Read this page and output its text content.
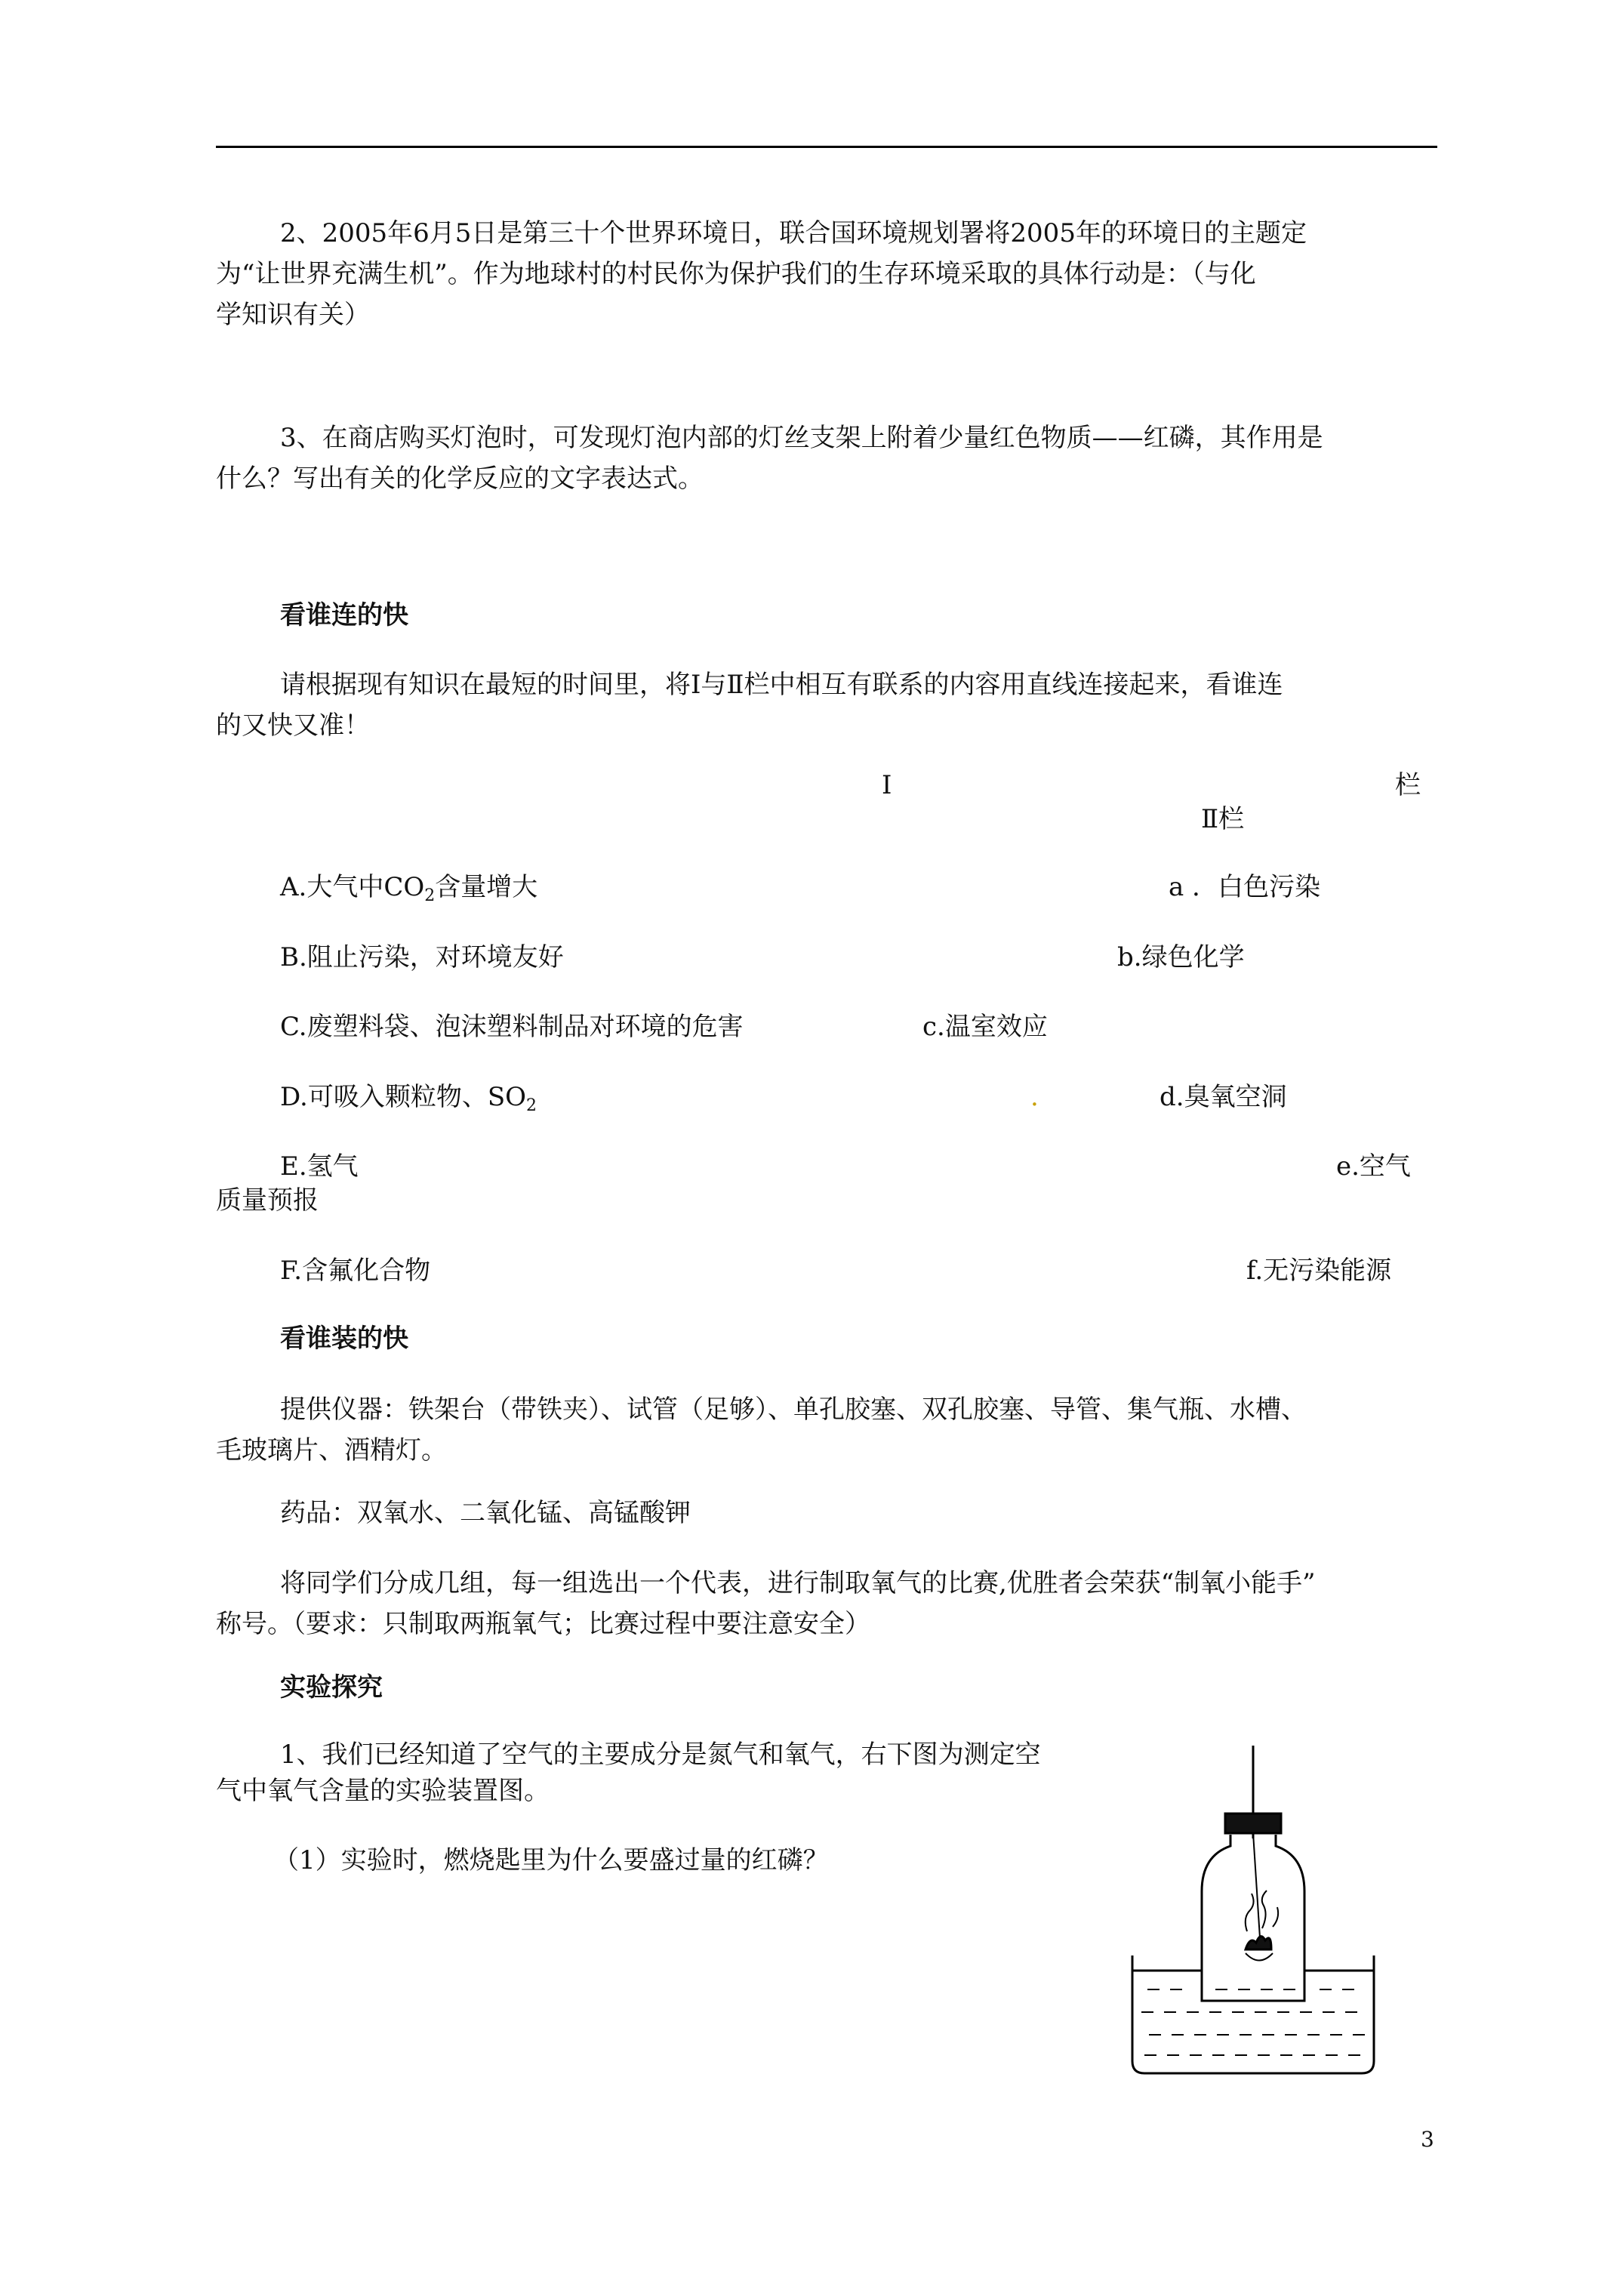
2、2005年6月5日是第三十个世界环境日，联合国环境规划署将2005年的环境日的主题定
为“让世界充满生机”。作为地球村的村民你为保护我们的生存环境采取的具体行动是：（与化
学知识有关）
3、在商店购买灯泡时，可发现灯泡内部的灯丝支架上附着少量红色物质——红磷，其作用是
什么？写出有关的化学反应的文字表达式。
看谁连的快
请根据现有知识在最短的时间里，将Ⅰ与Ⅱ栏中相互有联系的内容用直线连接起来，看谁连
的又快又准！
Ⅰ	栏
Ⅱ栏
A.大气中$CO_2$含量增大	a ．白色污染
B.阻止污染，对环境友好	b.绿色化学
C.废塑料袋、泡沫塑料制品对环境的危害	c.温室效应
D.可吸入颗粒物、$SO_2$	.	d.臭氧空洞
E.氢气	e.空气
质量预报
F.含氟化合物	f.无污染能源
看谁装的快
提供仪器：铁架台（带铁夹）、试管（足够）、单孔胶塞、双孔胶塞、导管、集气瓶、水槽、
毛玻璃片、酒精灯。
药品：双氧水、二氧化锰、高锰酸钾
将同学们分成几组，每一组选出一个代表，进行制取氧气的比赛,优胜者会荣获“制氧小能手”
称号。（要求：只制取两瓶氧气；比赛过程中要注意安全）
实验探究
1、我们已经知道了空气的主要成分是氮气和氧气，右下图为测定空
气中氧气含量的实验装置图。
（1）实验时，燃烧匙里为什么要盛过量的红磷？
3
